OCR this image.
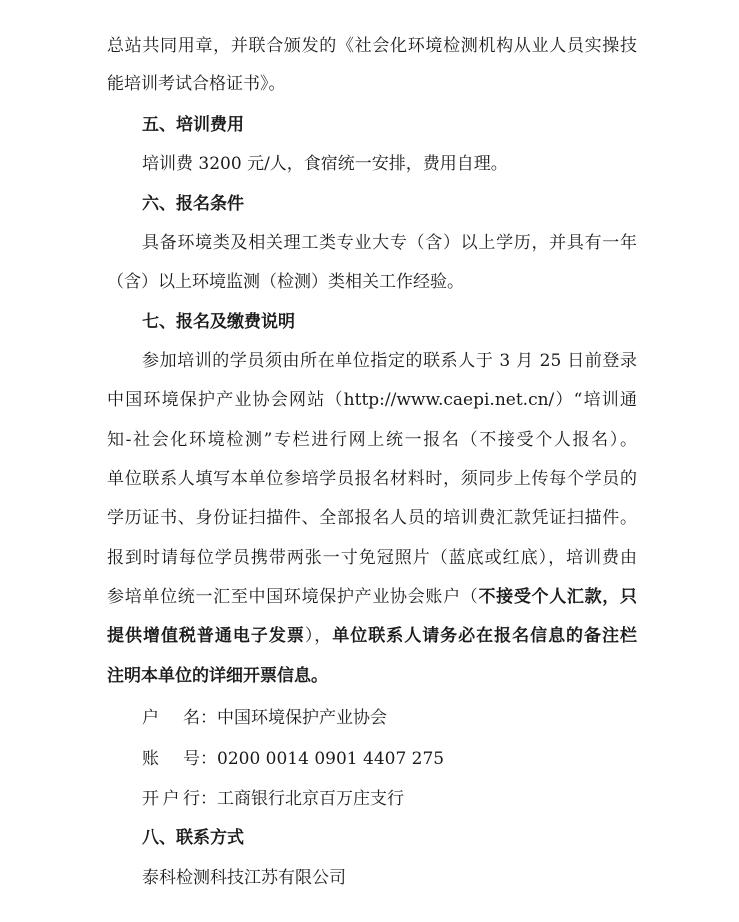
总站共同用章，并联合颁发的《社会化环境检测机构从业人员实操技
能培训考试合格证书》。
五、培训费用
培训费 3200 元/人，食宿统一安排，费用自理。
六、报名条件
具备环境类及相关理工类专业大专（含）以上学历，并具有一年
（含）以上环境监测（检测）类相关工作经验。
七、报名及缴费说明
参加培训的学员须由所在单位指定的联系人于 3 月 25 日前登录
中国环境保护产业协会网站（http://www.caepi.net.cn/）“培训通
知-社会化环境检测”专栏进行网上统一报名（不接受个人报名）。
单位联系人填写本单位参培学员报名材料时，须同步上传每个学员的
学历证书、身份证扫描件、全部报名人员的培训费汇款凭证扫描件。
报到时请每位学员携带两张一寸免冠照片（蓝底或红底），培训费由
参培单位统一汇至中国环境保护产业协会账户（不接受个人汇款，只
提供增值税普通电子发票），单位联系人请务必在报名信息的备注栏
注明本单位的详细开票信息。
户名：中国环境保护产业协会
账号：0200 0014 0901 4407 275
开户行：工商银行北京百万庄支行
八、联系方式
泰科检测科技江苏有限公司
